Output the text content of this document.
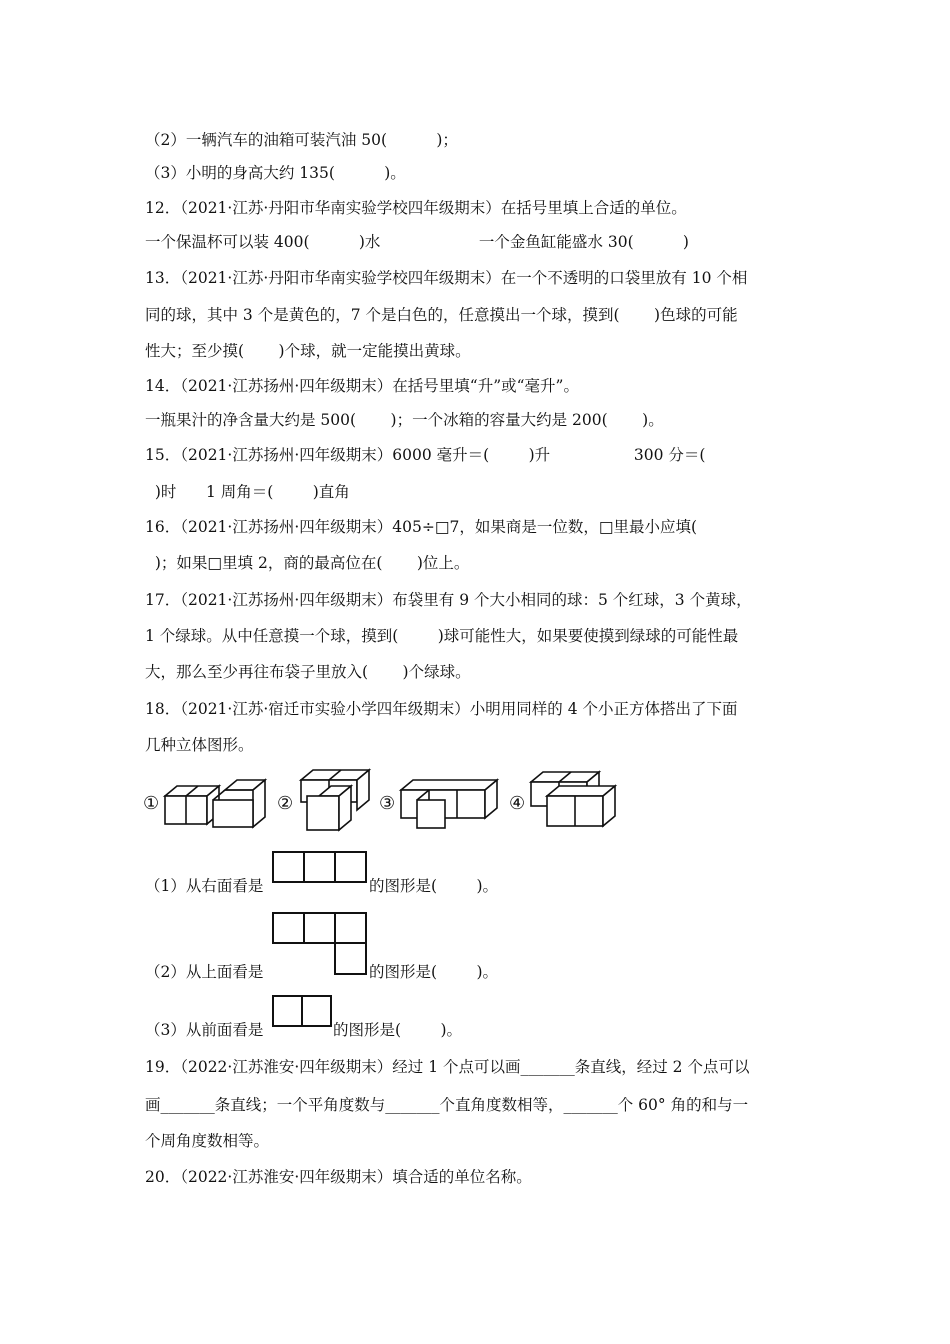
（2）一辆汽车的油箱可装汽油 50(          )；
（3）小明的身高大约 135(          )。
12．（2021·江苏·丹阳市华南实验学校四年级期末）在括号里填上合适的单位。
一个保温杯可以装 400(          )水                    一个金鱼缸能盛水 30(          )
13．（2021·江苏·丹阳市华南实验学校四年级期末）在一个不透明的口袋里放有 10 个相
同的球，其中 3 个是黄色的，7 个是白色的，任意摸出一个球，摸到(       )色球的可能
性大；至少摸(       )个球，就一定能摸出黄球。
14．（2021·江苏扬州·四年级期末）在括号里填“升”或“毫升”。
一瓶果汁的净含量大约是 500(       )；一个冰箱的容量大约是 200(       )。
15．（2021·江苏扬州·四年级期末）6000 毫升＝(        )升                 300 分＝(
)时      1 周角＝(        )直角
16．（2021·江苏扬州·四年级期末）405÷□7，如果商是一位数，□里最小应填(
)；如果□里填 2，商的最高位在(       )位上。
17．（2021·江苏扬州·四年级期末）布袋里有 9 个大小相同的球：5 个红球，3 个黄球，
1 个绿球。从中任意摸一个球，摸到(        )球可能性大，如果要使摸到绿球的可能性最
大，那么至少再往布袋子里放入(       )个绿球。
18．（2021·江苏·宿迁市实验小学四年级期末）小明用同样的 4 个小正方体搭出了下面
几种立体图形。
①	②	③	④
（1）从右面看是	的图形是(        )。
（2）从上面看是	的图形是(        )。
（3）从前面看是	的图形是(        )。
19．（2022·江苏淮安·四年级期末）经过 1 个点可以画_______条直线，经过 2 个点可以
画_______条直线；一个平角度数与_______个直角度数相等，_______个 60° 角的和与一
个周角度数相等。
20．（2022·江苏淮安·四年级期末）填合适的单位名称。
